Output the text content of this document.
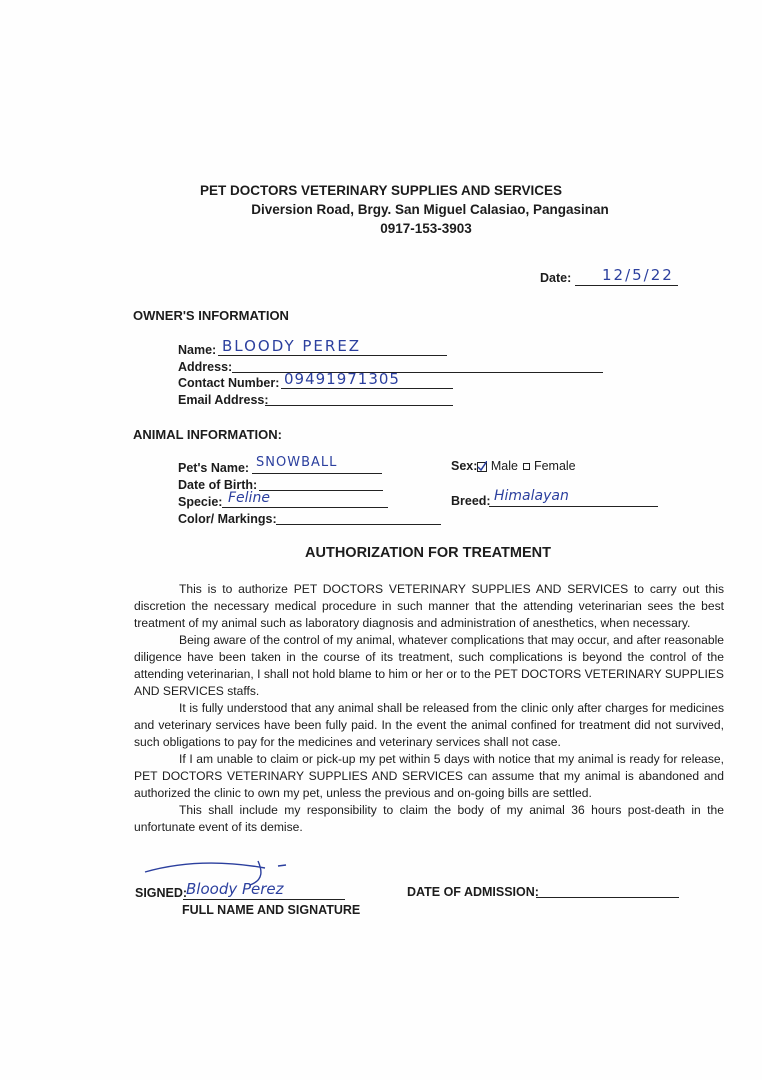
PET DOCTORS VETERINARY SUPPLIES AND SERVICES
Diversion Road, Brgy. San Miguel Calasiao, Pangasinan
0917-153-3903
Date: 12/5/22
OWNER'S INFORMATION
Name: BLOODY PEREZ
Address:
Contact Number: 09491971305
Email Address:
ANIMAL INFORMATION:
Pet's Name: SNOWBALL
Date of Birth:
Specie: Feline
Color/ Markings:
Sex: Male Female
Breed: Himalayan
AUTHORIZATION FOR TREATMENT

This is to authorize PET DOCTORS VETERINARY SUPPLIES AND SERVICES to carry out this discretion the necessary medical procedure in such manner that the attending veterinarian sees the best treatment of my animal such as laboratory diagnosis and administration of anesthetics, when necessary.

Being aware of the control of my animal, whatever complications that may occur, and after reasonable diligence have been taken in the course of its treatment, such complications is beyond the control of the attending veterinarian, I shall not hold blame to him or her or to the PET DOCTORS VETERINARY SUPPLIES AND SERVICES staffs.

It is fully understood that any animal shall be released from the clinic only after charges for medicines and veterinary services have been fully paid. In the event the animal confined for treatment did not survived, such obligations to pay for the medicines and veterinary services shall not case.

If I am unable to claim or pick-up my pet within 5 days with notice that my animal is ready for release, PET DOCTORS VETERINARY SUPPLIES AND SERVICES can assume that my animal is abandoned and authorized the clinic to own my pet, unless the previous and on-going bills are settled.

This shall include my responsibility to claim the body of my animal 36 hours post-death in the unfortunate event of its demise.

SIGNED:
Bloody Perez
FULL NAME AND SIGNATURE
DATE OF ADMISSION:
